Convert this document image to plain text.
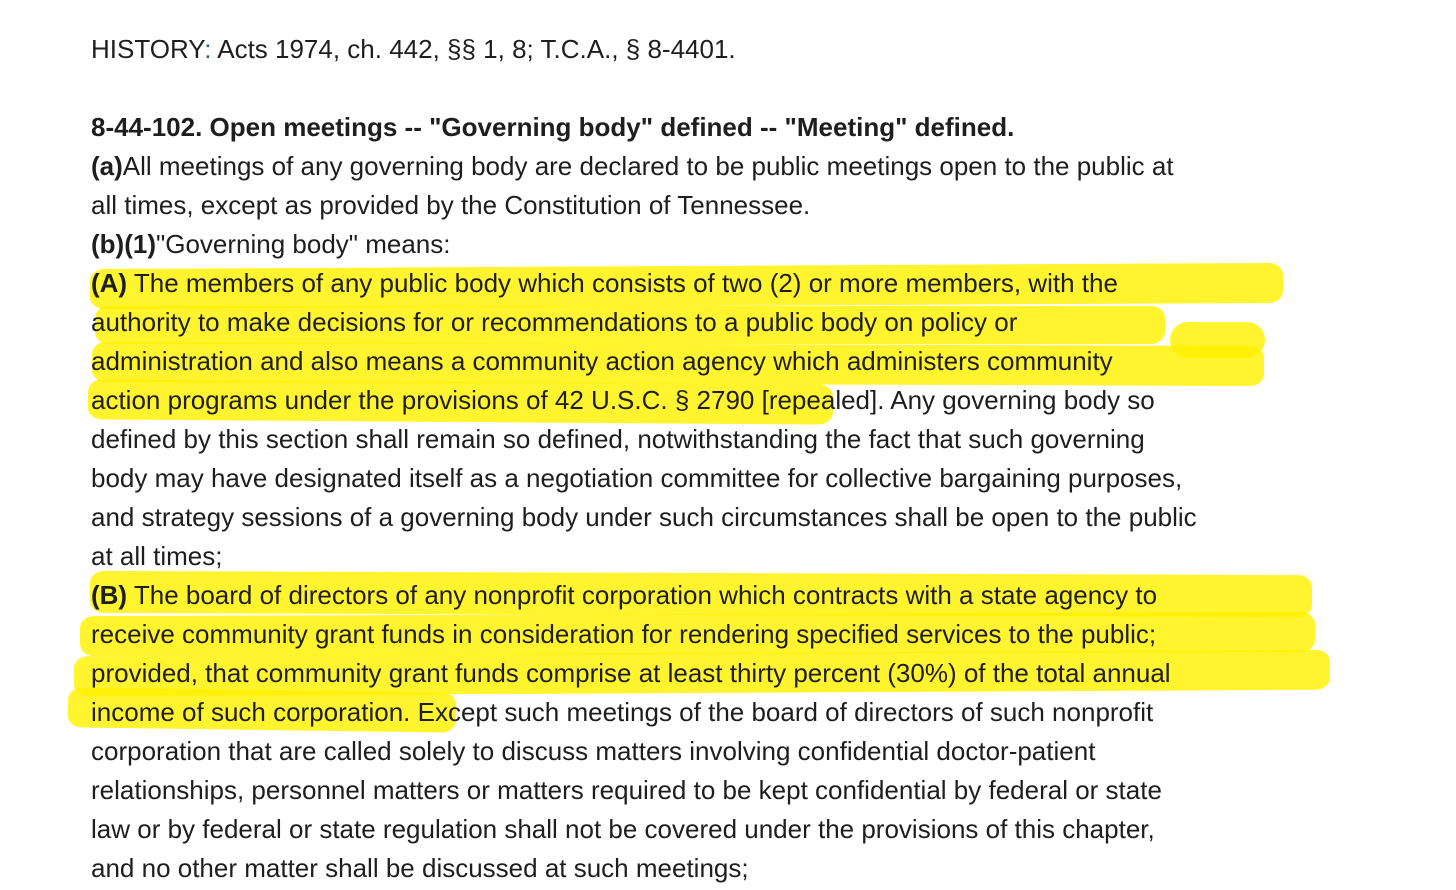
HISTORY: Acts 1974, ch. 442, §§ 1, 8; T.C.A., § 8-4401.
8-44-102. Open meetings -- "Governing body" defined -- "Meeting" defined.
(a)All meetings of any governing body are declared to be public meetings open to the public at
all times, except as provided by the Constitution of Tennessee.
(b)(1)"Governing body" means:
(A) The members of any public body which consists of two (2) or more members, with the
authority to make decisions for or recommendations to a public body on policy or
administration and also means a community action agency which administers community
action programs under the provisions of 42 U.S.C. § 2790 [repealed]. Any governing body so
defined by this section shall remain so defined, notwithstanding the fact that such governing
body may have designated itself as a negotiation committee for collective bargaining purposes,
and strategy sessions of a governing body under such circumstances shall be open to the public
at all times;
(B) The board of directors of any nonprofit corporation which contracts with a state agency to
receive community grant funds in consideration for rendering specified services to the public;
provided, that community grant funds comprise at least thirty percent (30%) of the total annual
income of such corporation. Except such meetings of the board of directors of such nonprofit
corporation that are called solely to discuss matters involving confidential doctor-patient
relationships, personnel matters or matters required to be kept confidential by federal or state
law or by federal or state regulation shall not be covered under the provisions of this chapter,
and no other matter shall be discussed at such meetings;
